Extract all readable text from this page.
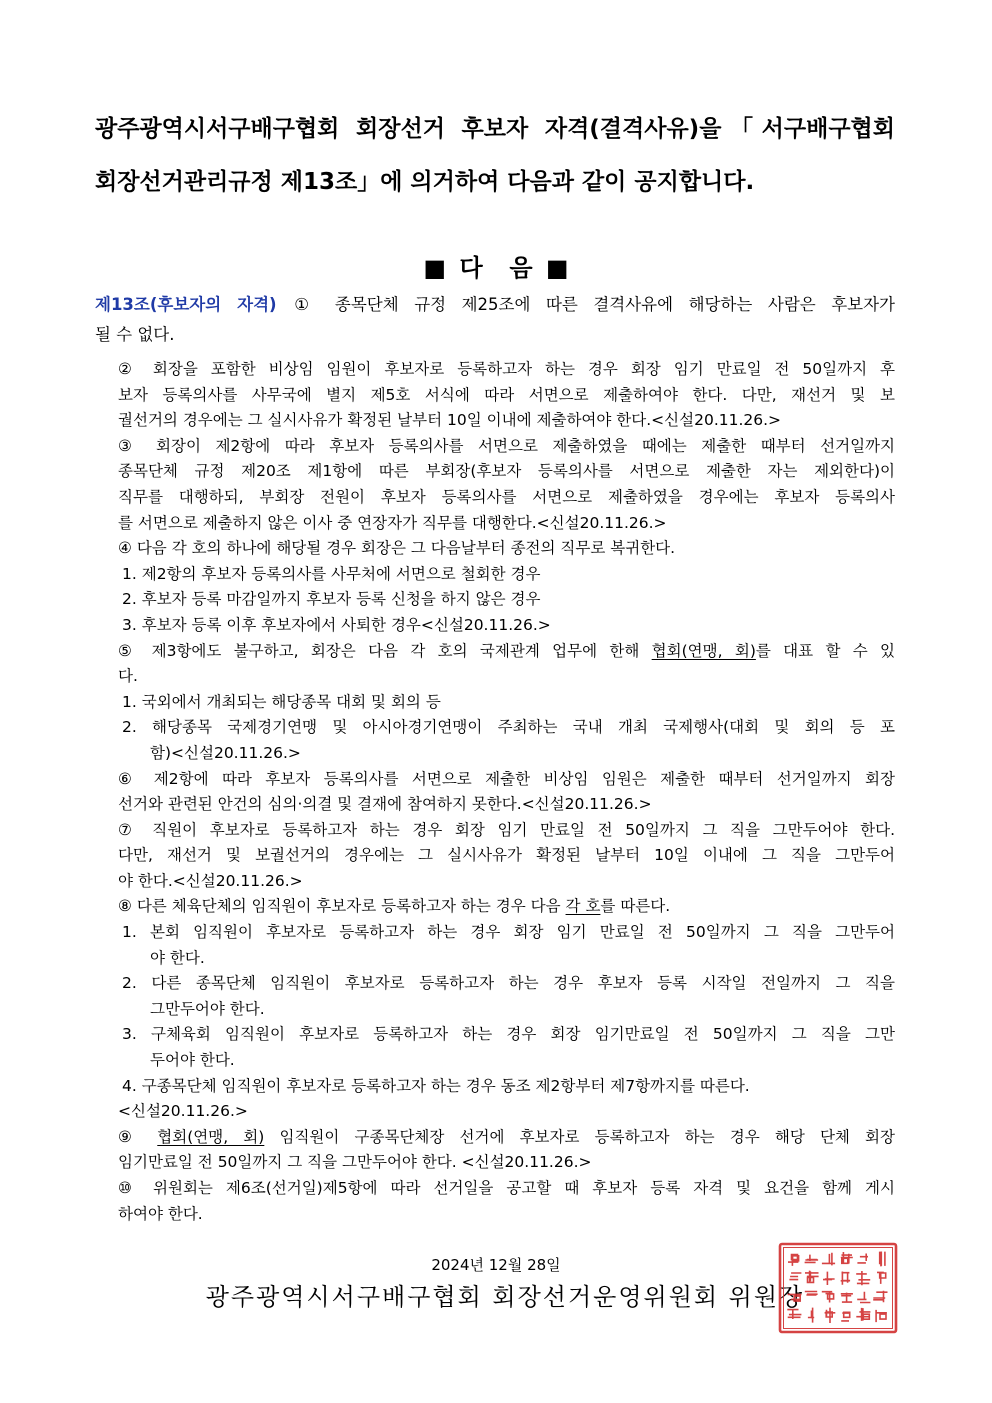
광주광역시서구배구협회 회장선거 후보자 자격(결격사유)을「서구배구협회
회장선거관리규정 제13조」에 의거하여 다음과 같이 공지합니다.
■ 다  음 ■
제13조(후보자의 자격) ① 종목단체 규정 제25조에 따른 결격사유에 해당하는 사람은 후보자가
될 수 없다.
② 회장을 포함한 비상임 임원이 후보자로 등록하고자 하는 경우 회장 임기 만료일 전 50일까지 후
보자 등록의사를 사무국에 별지 제5호 서식에 따라 서면으로 제출하여야 한다. 다만, 재선거 및 보
궐선거의 경우에는 그 실시사유가 확정된 날부터 10일 이내에 제출하여야 한다.<신설20.11.26.>
③ 회장이 제2항에 따라 후보자 등록의사를 서면으로 제출하였을 때에는 제출한 때부터 선거일까지
종목단체 규정 제20조 제1항에 따른 부회장(후보자 등록의사를 서면으로 제출한 자는 제외한다)이
직무를 대행하되, 부회장 전원이 후보자 등록의사를 서면으로 제출하였을 경우에는 후보자 등록의사
를 서면으로 제출하지 않은 이사 중 연장자가 직무를 대행한다.<신설20.11.26.>
④ 다음 각 호의 하나에 해당될 경우 회장은 그 다음날부터 종전의 직무로 복귀한다.
1. 제2항의 후보자 등록의사를 사무처에 서면으로 철회한 경우
2. 후보자 등록 마감일까지 후보자 등록 신청을 하지 않은 경우
3. 후보자 등록 이후 후보자에서 사퇴한 경우<신설20.11.26.>
⑤ 제3항에도 불구하고, 회장은 다음 각 호의 국제관계 업무에 한해 협회(연맹, 회)를 대표 할 수 있
다.
1. 국외에서 개최되는 해당종목 대회 및 회의 등
2. 해당종목 국제경기연맹 및 아시아경기연맹이 주최하는 국내 개최 국제행사(대회 및 회의 등 포
함)<신설20.11.26.>
⑥ 제2항에 따라 후보자 등록의사를 서면으로 제출한 비상임 임원은 제출한 때부터 선거일까지 회장
선거와 관련된 안건의 심의·의결 및 결재에 참여하지 못한다.<신설20.11.26.>
⑦ 직원이 후보자로 등록하고자 하는 경우 회장 임기 만료일 전 50일까지 그 직을 그만두어야 한다.
다만, 재선거 및 보궐선거의 경우에는 그 실시사유가 확정된 날부터 10일 이내에 그 직을 그만두어
야 한다.<신설20.11.26.>
⑧ 다른 체육단체의 임직원이 후보자로 등록하고자 하는 경우 다음 각 호를 따른다.
1. 본회 임직원이 후보자로 등록하고자 하는 경우 회장 임기 만료일 전 50일까지 그 직을 그만두어
야 한다.
2. 다른 종목단체 임직원이 후보자로 등록하고자 하는 경우 후보자 등록 시작일 전일까지 그 직을
그만두어야 한다.
3. 구체육회 임직원이 후보자로 등록하고자 하는 경우 회장 임기만료일 전 50일까지 그 직을 그만
두어야 한다.
4. 구종목단체 임직원이 후보자로 등록하고자 하는 경우 동조 제2항부터 제7항까지를 따른다.
<신설20.11.26.>
⑨ 협회(연맹, 회) 임직원이 구종목단체장 선거에 후보자로 등록하고자 하는 경우 해당 단체 회장
임기만료일 전 50일까지 그 직을 그만두어야 한다. <신설20.11.26.>
⑩ 위원회는 제6조(선거일)제5항에 따라 선거일을 공고할 때 후보자 등록 자격 및 요건을 함께 게시
하여야 한다.
2024년 12월 28일
광주광역시서구배구협회 회장선거운영위원회 위원장
